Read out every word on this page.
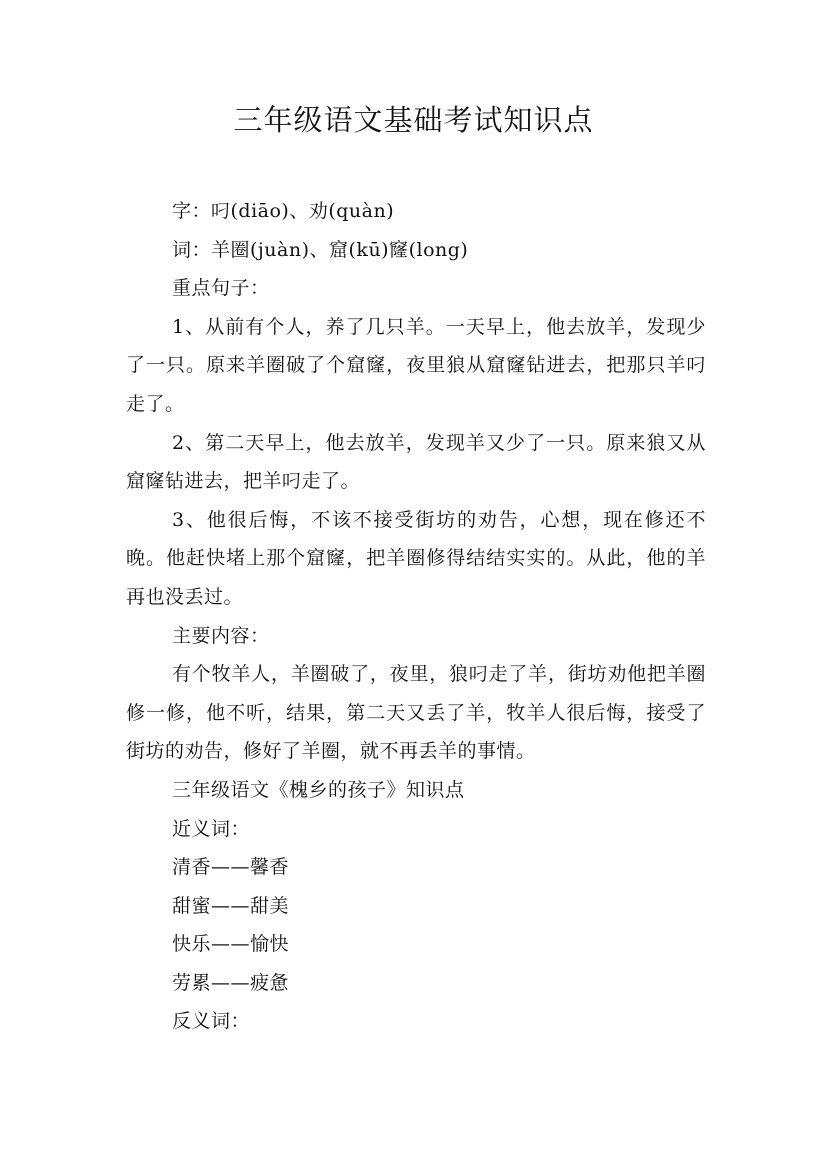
三年级语文基础考试知识点

字：叼(diāo)、劝(quàn)

词：羊圈(juàn)、窟(kū)窿(long)

重点句子：

1、从前有个人，养了几只羊。一天早上，他去放羊，发现少了一只。原来羊圈破了个窟窿，夜里狼从窟窿钻进去，把那只羊叼走了。

2、第二天早上，他去放羊，发现羊又少了一只。原来狼又从窟窿钻进去，把羊叼走了。

3、他很后悔，不该不接受街坊的劝告，心想，现在修还不晚。他赶快堵上那个窟窿，把羊圈修得结结实实的。从此，他的羊再也没丢过。

主要内容：

有个牧羊人，羊圈破了，夜里，狼叼走了羊，街坊劝他把羊圈修一修，他不听，结果，第二天又丢了羊，牧羊人很后悔，接受了街坊的劝告，修好了羊圈，就不再丢羊的事情。

三年级语文《槐乡的孩子》知识点

近义词：

清香——馨香

甜蜜——甜美

快乐——愉快

劳累——疲惫

反义词：
